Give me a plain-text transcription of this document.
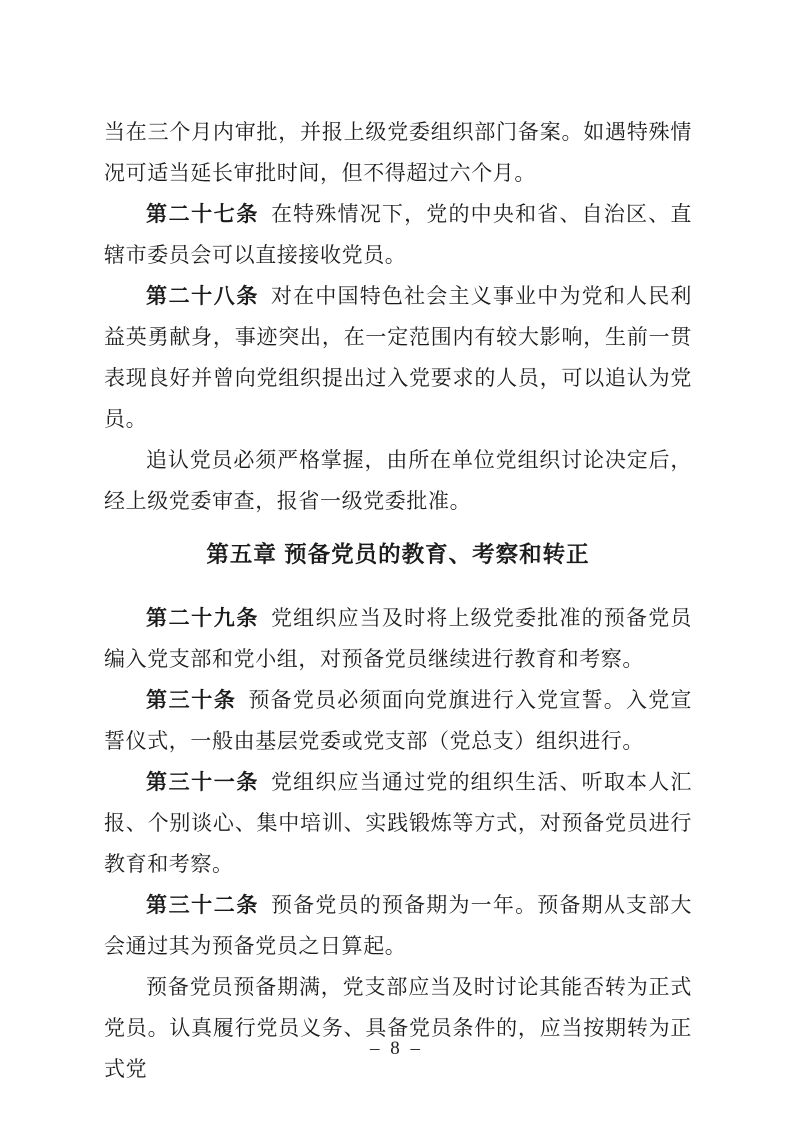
当在三个月内审批，并报上级党委组织部门备案。如遇特殊情况可适当延长审批时间，但不得超过六个月。

第二十七条 在特殊情况下，党的中央和省、自治区、直辖市委员会可以直接接收党员。

第二十八条 对在中国特色社会主义事业中为党和人民利益英勇献身，事迹突出，在一定范围内有较大影响，生前一贯表现良好并曾向党组织提出过入党要求的人员，可以追认为党员。

追认党员必须严格掌握，由所在单位党组织讨论决定后，经上级党委审查，报省一级党委批准。

第五章 预备党员的教育、考察和转正

第二十九条 党组织应当及时将上级党委批准的预备党员编入党支部和党小组，对预备党员继续进行教育和考察。

第三十条 预备党员必须面向党旗进行入党宣誓。入党宣誓仪式，一般由基层党委或党支部（党总支）组织进行。

第三十一条 党组织应当通过党的组织生活、听取本人汇报、个别谈心、集中培训、实践锻炼等方式，对预备党员进行教育和考察。

第三十二条 预备党员的预备期为一年。预备期从支部大会通过其为预备党员之日算起。

预备党员预备期满，党支部应当及时讨论其能否转为正式党员。认真履行党员义务、具备党员条件的，应当按期转为正式党

– 8 –
